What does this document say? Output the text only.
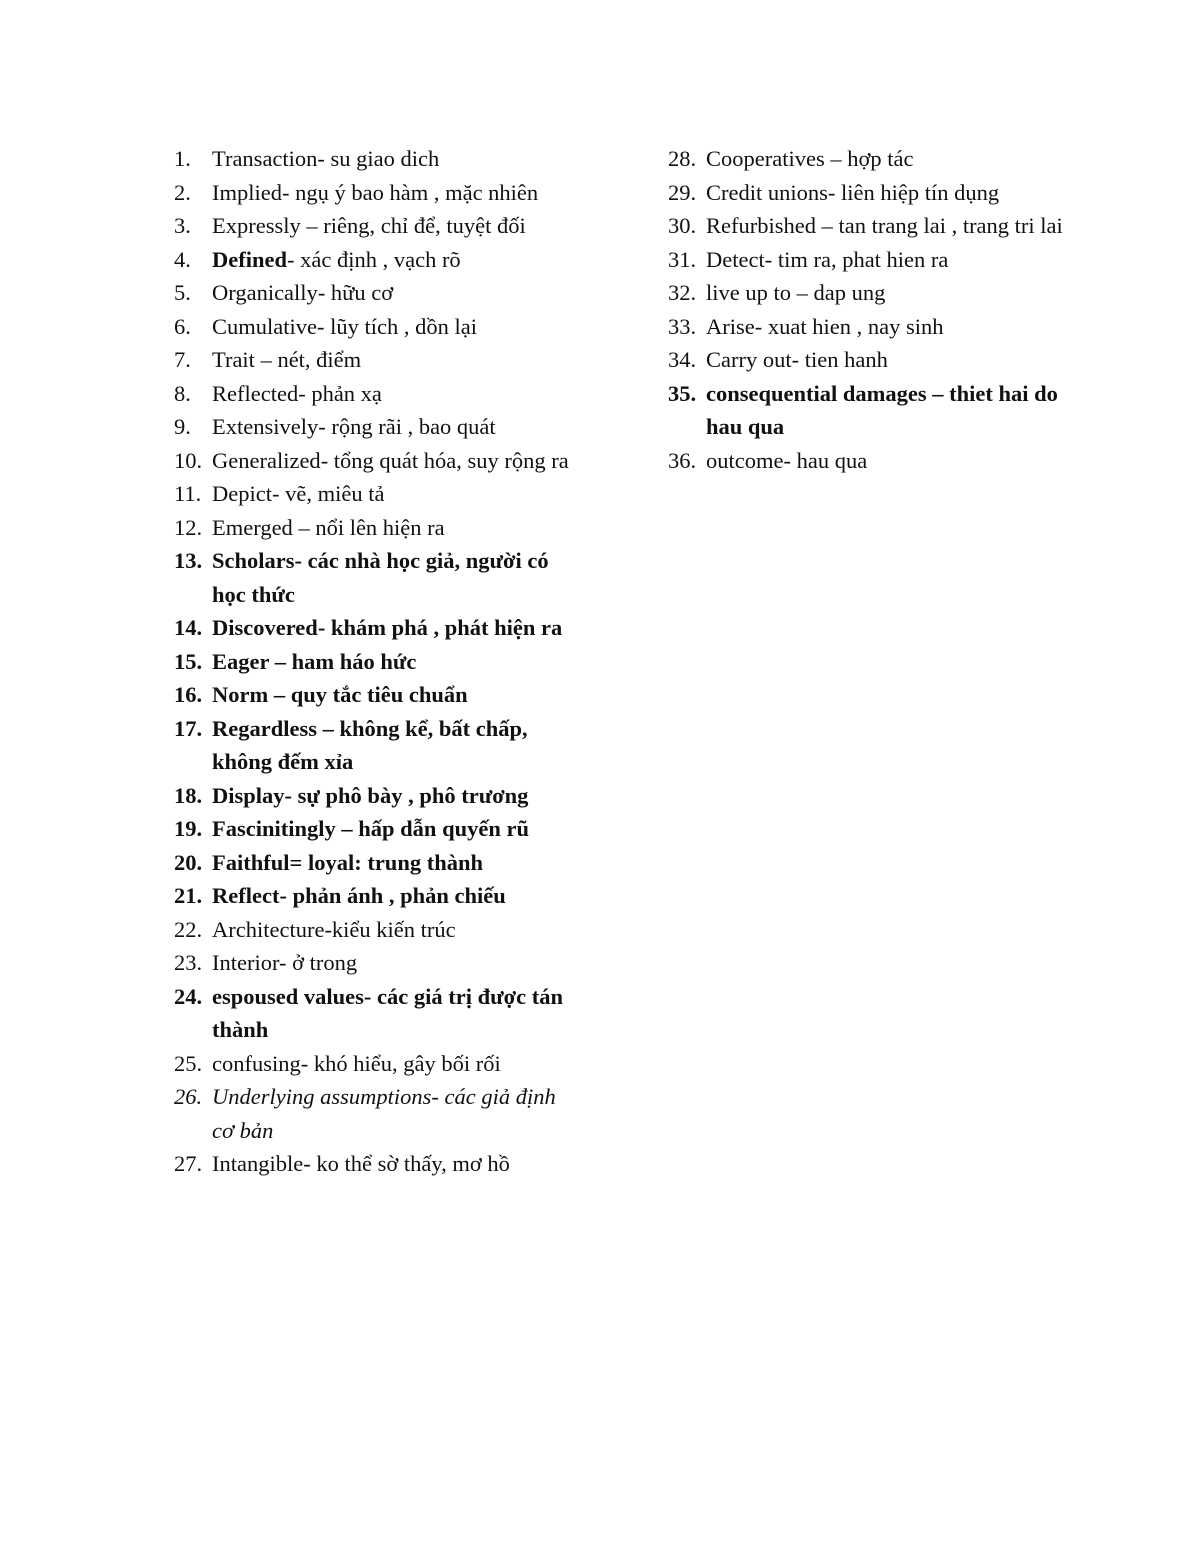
1. Transaction- su giao dich
2. Implied- ngụ ý bao hàm , mặc nhiên
3. Expressly – riêng, chỉ để, tuyệt đối
4. Defined- xác định , vạch rõ
5. Organically- hữu cơ
6. Cumulative- lũy tích , dồn lại
7. Trait – nét, điểm
8. Reflected- phản xạ
9. Extensively- rộng rãi , bao quát
10. Generalized- tổng quát hóa, suy rộng ra
11. Depict- vẽ, miêu tả
12. Emerged – nổi lên hiện ra
13. Scholars- các nhà học giả, người có học thức
14. Discovered- khám phá , phát hiện ra
15. Eager – ham háo hức
16. Norm – quy tắc tiêu chuẩn
17. Regardless – không kể, bất chấp, không đếm xỉa
18. Display- sự phô bày , phô trương
19. Fascinitingly – hấp dẫn quyến rũ
20. Faithful= loyal: trung thành
21. Reflect- phản ánh , phản chiếu
22. Architecture-kiểu kiến trúc
23. Interior- ở trong
24. espoused values- các giá trị được tán thành
25. confusing- khó hiểu, gây bối rối
26. Underlying assumptions- các giả định cơ bản
27. Intangible- ko thể sờ thấy, mơ hồ
28. Cooperatives – hợp tác
29. Credit unions- liên hiệp tín dụng
30. Refurbished – tan trang lai , trang tri lai
31. Detect- tim ra, phat hien ra
32. live up to – dap ung
33. Arise- xuat hien , nay sinh
34. Carry out- tien hanh
35. consequential damages – thiet hai do hau qua
36. outcome- hau qua
